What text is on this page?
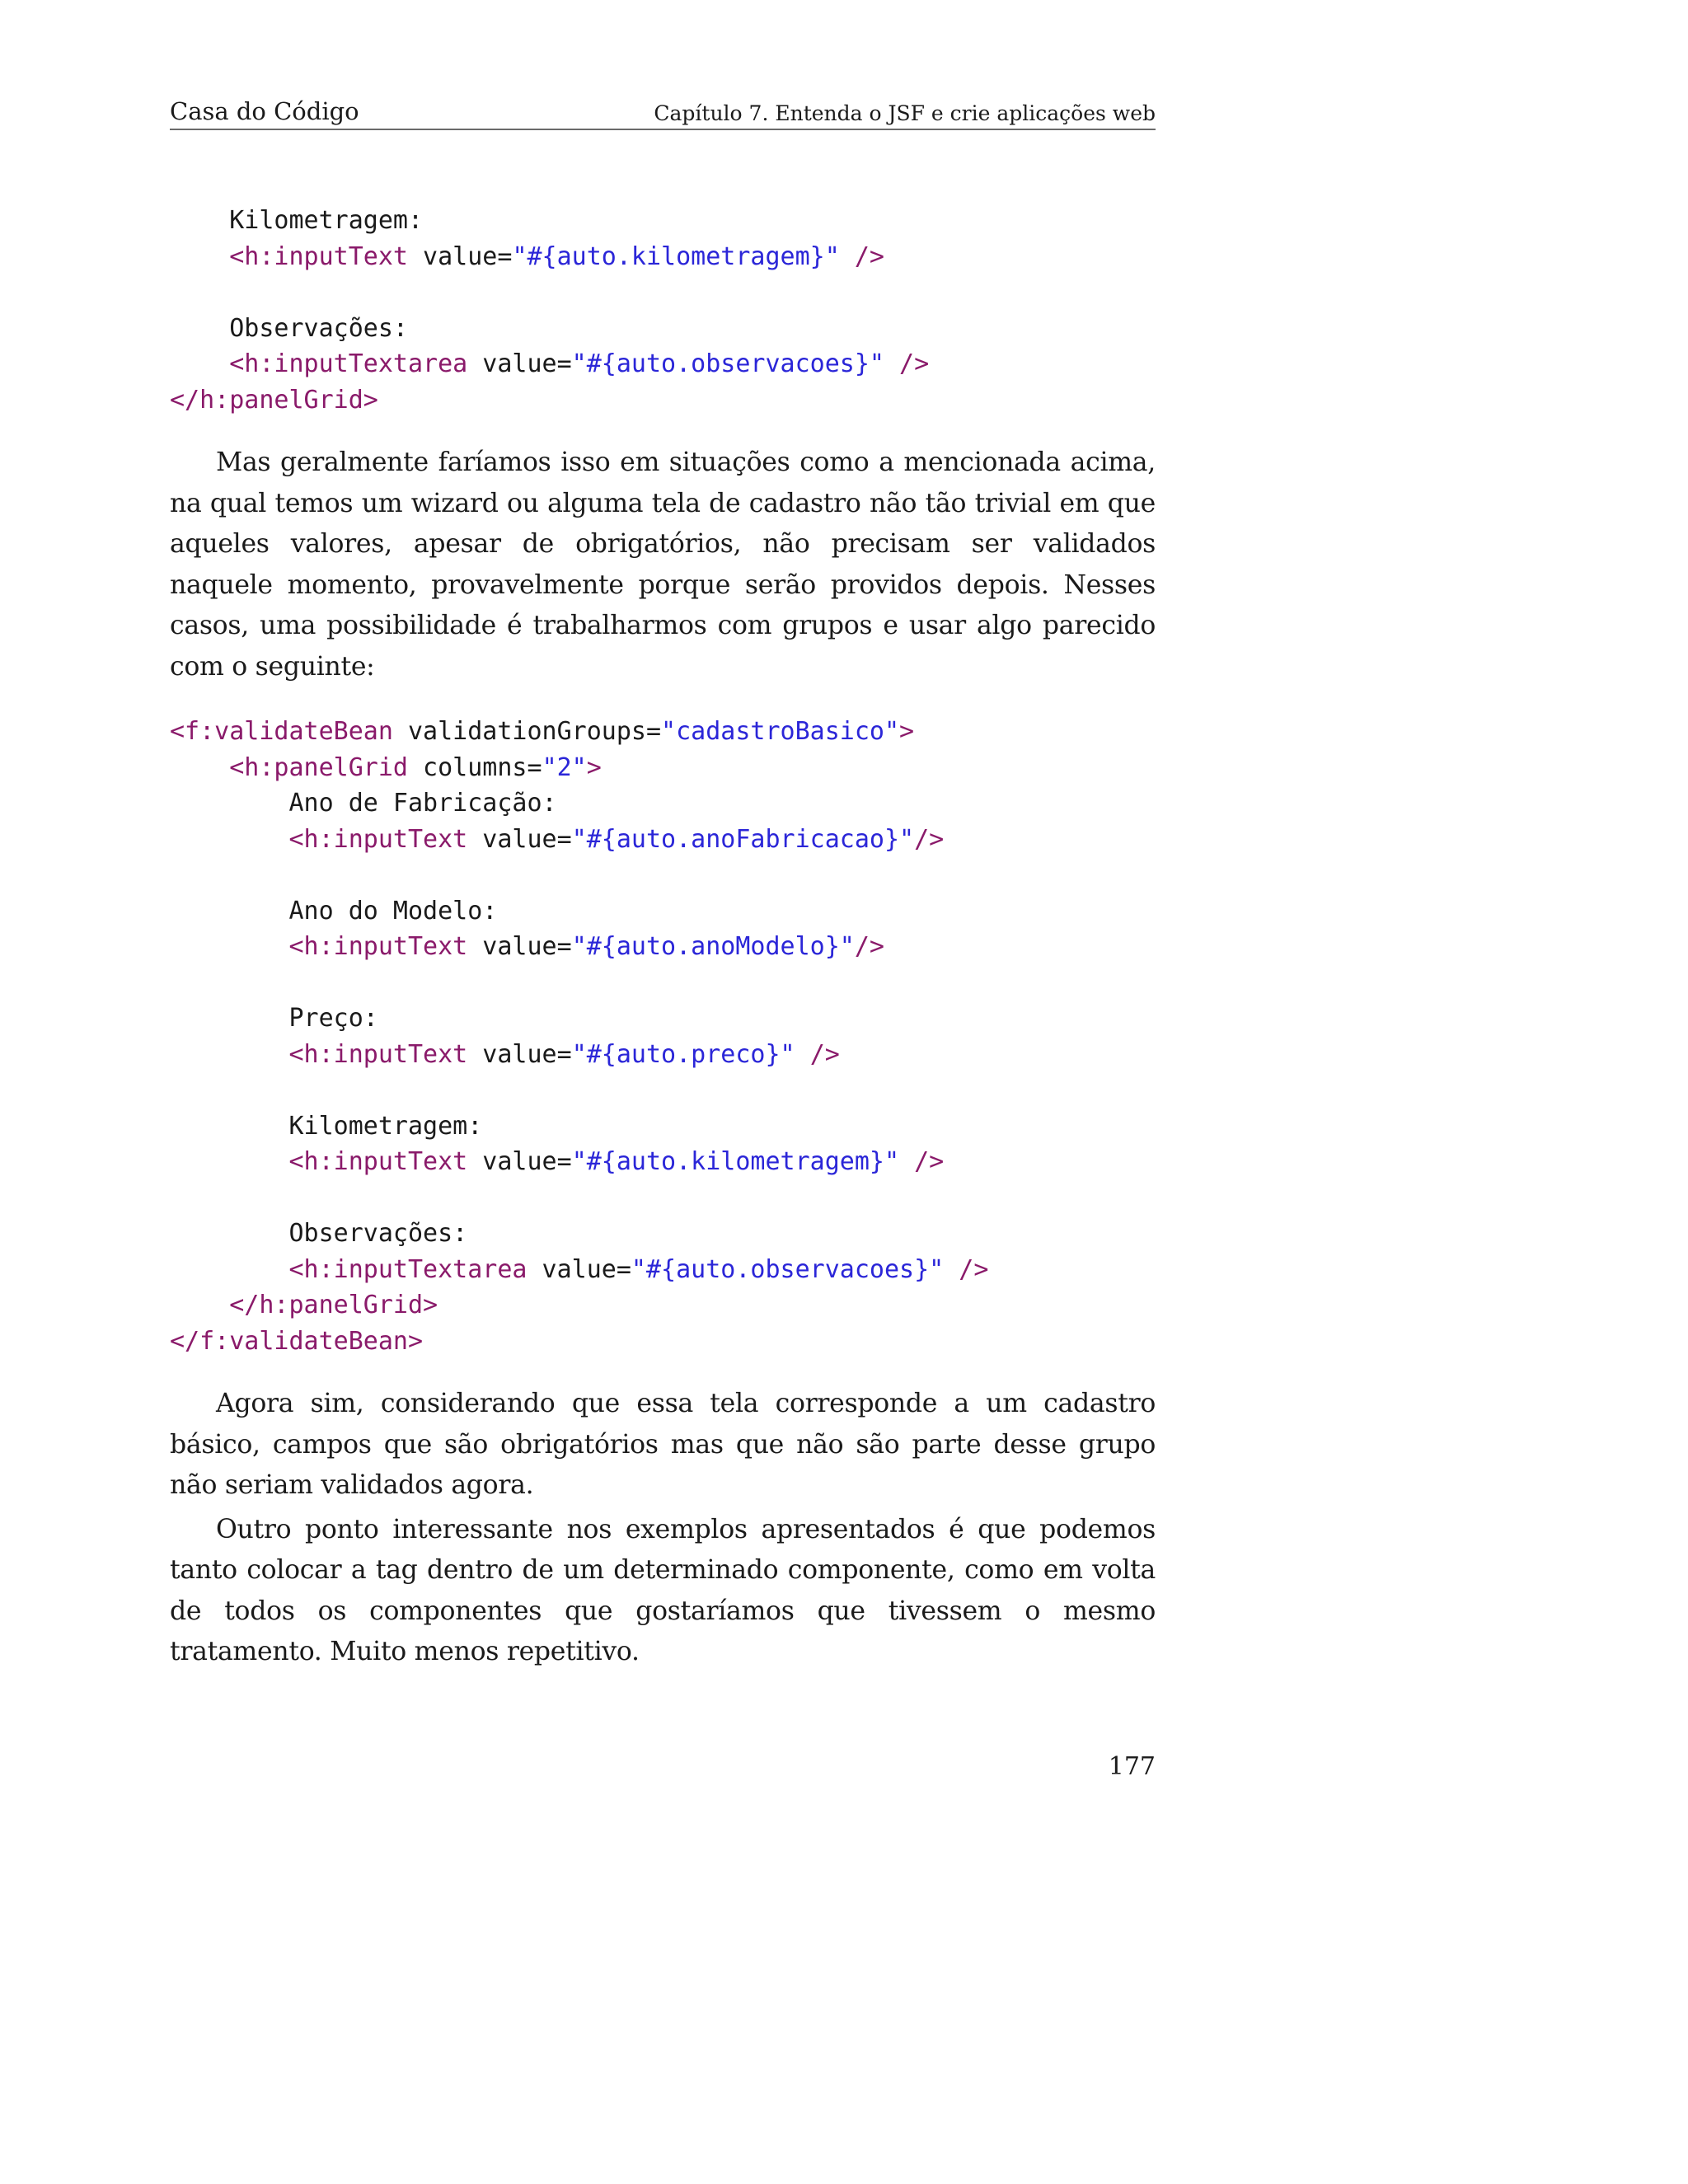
Casa do Código	Capítulo 7. Entenda o JSF e crie aplicações web
Kilometragem:
<h:inputText value="#{auto.kilometragem}" />
Observações:
<h:inputTextarea value="#{auto.observacoes}" />
</h:panelGrid>

Mas geralmente faríamos isso em situações como a mencionada acima, na qual temos um wizard ou alguma tela de cadastro não tão trivial em que aqueles valores, apesar de obrigatórios, não precisam ser validados naquele momento, provavelmente porque serão providos depois. Nesses casos, uma possibilidade é trabalharmos com grupos e usar algo parecido com o seguinte:

<f:validateBean validationGroups="cadastroBasico">
<h:panelGrid columns="2">
Ano de Fabricação:
<h:inputText value="#{auto.anoFabricacao}"/>
Ano do Modelo:
<h:inputText value="#{auto.anoModelo}"/>
Preço:
<h:inputText value="#{auto.preco}" />
Kilometragem:
<h:inputText value="#{auto.kilometragem}" />
Observações:
<h:inputTextarea value="#{auto.observacoes}" />
</h:panelGrid>
</f:validateBean>

Agora sim, considerando que essa tela corresponde a um cadastro básico, campos que são obrigatórios mas que não são parte desse grupo não seriam validados agora.

Outro ponto interessante nos exemplos apresentados é que podemos tanto colocar a tag dentro de um determinado componente, como em volta de todos os componentes que gostaríamos que tivessem o mesmo tratamento. Muito menos repetitivo.

177
